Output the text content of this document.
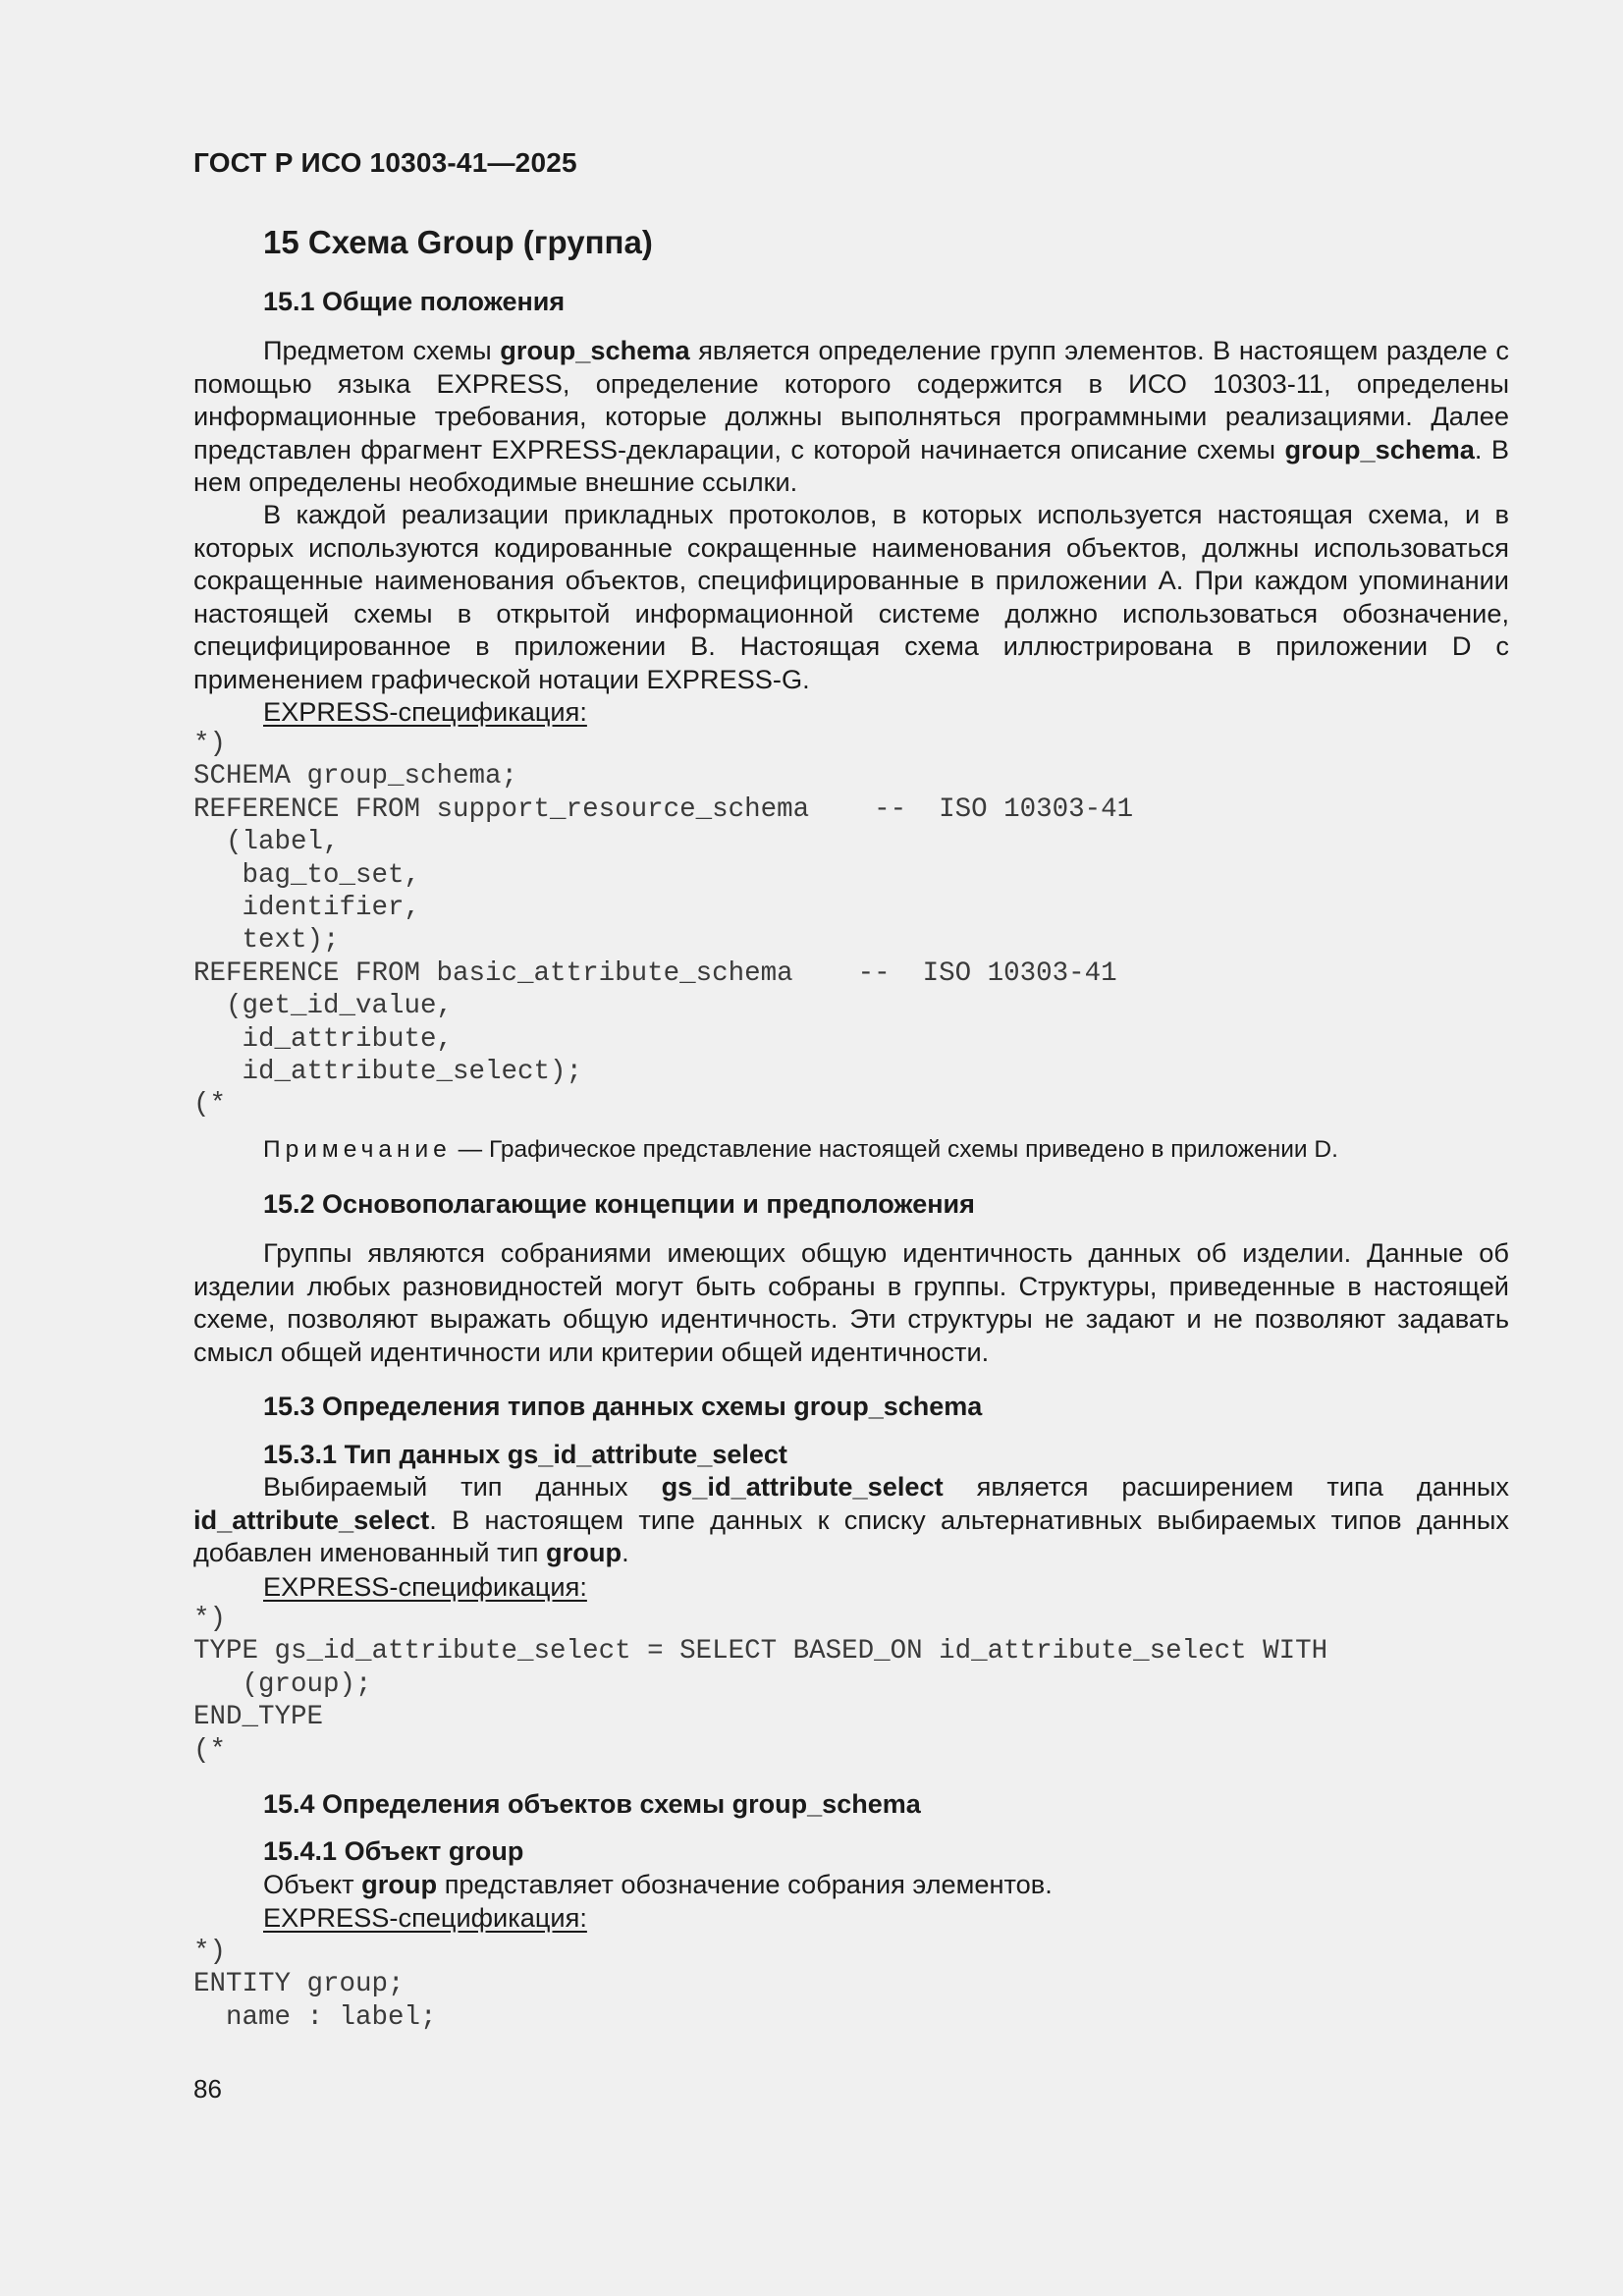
ГОСТ Р ИСО 10303-41—2025
15 Схема Group (группа)
15.1 Общие положения

Предметом схемы group_schema является определение групп элементов. В настоящем разделе с помощью языка EXPRESS, определение которого содержится в ИСО 10303-11, определены информационные требования, которые должны выполняться программными реализациями. Далее представлен фрагмент EXPRESS-декларации, с которой начинается описание схемы group_schema. В нем определены необходимые внешние ссылки.

В каждой реализации прикладных протоколов, в которых используется настоящая схема, и в которых используются кодированные сокращенные наименования объектов, должны использоваться сокращенные наименования объектов, специфицированные в приложении А. При каждом упоминании настоящей схемы в открытой информационной системе должно использоваться обозначение, специфицированное в приложении В. Настоящая схема иллюстрирована в приложении D с применением графической нотации EXPRESS-G.

EXPRESS-спецификация:
*)
SCHEMA group_schema;
REFERENCE FROM support_resource_schema    --  ISO 10303-41
(label,
bag_to_set,
identifier,
text);
REFERENCE FROM basic_attribute_schema    --  ISO 10303-41
(get_id_value,
id_attribute,
id_attribute_select);
(*
Примечание — Графическое представление настоящей схемы приведено в приложении D.
15.2 Основополагающие концепции и предположения

Группы являются собраниями имеющих общую идентичность данных об изделии. Данные об изделии любых разновидностей могут быть собраны в группы. Структуры, приведенные в настоящей схеме, позволяют выражать общую идентичность. Эти структуры не задают и не позволяют задавать смысл общей идентичности или критерии общей идентичности.

15.3 Определения типов данных схемы group_schema
15.3.1 Тип данных gs_id_attribute_select

Выбираемый тип данных gs_id_attribute_select является расширением типа данных id_attribute_select. В настоящем типе данных к списку альтернативных выбираемых типов данных добавлен именованный тип group.

EXPRESS-спецификация:
*)
TYPE gs_id_attribute_select = SELECT BASED_ON id_attribute_select WITH
(group);
END_TYPE
(*
15.4 Определения объектов схемы group_schema
15.4.1 Объект group

Объект group представляет обозначение собрания элементов.

EXPRESS-спецификация:
*)
ENTITY group;
name : label;
86
